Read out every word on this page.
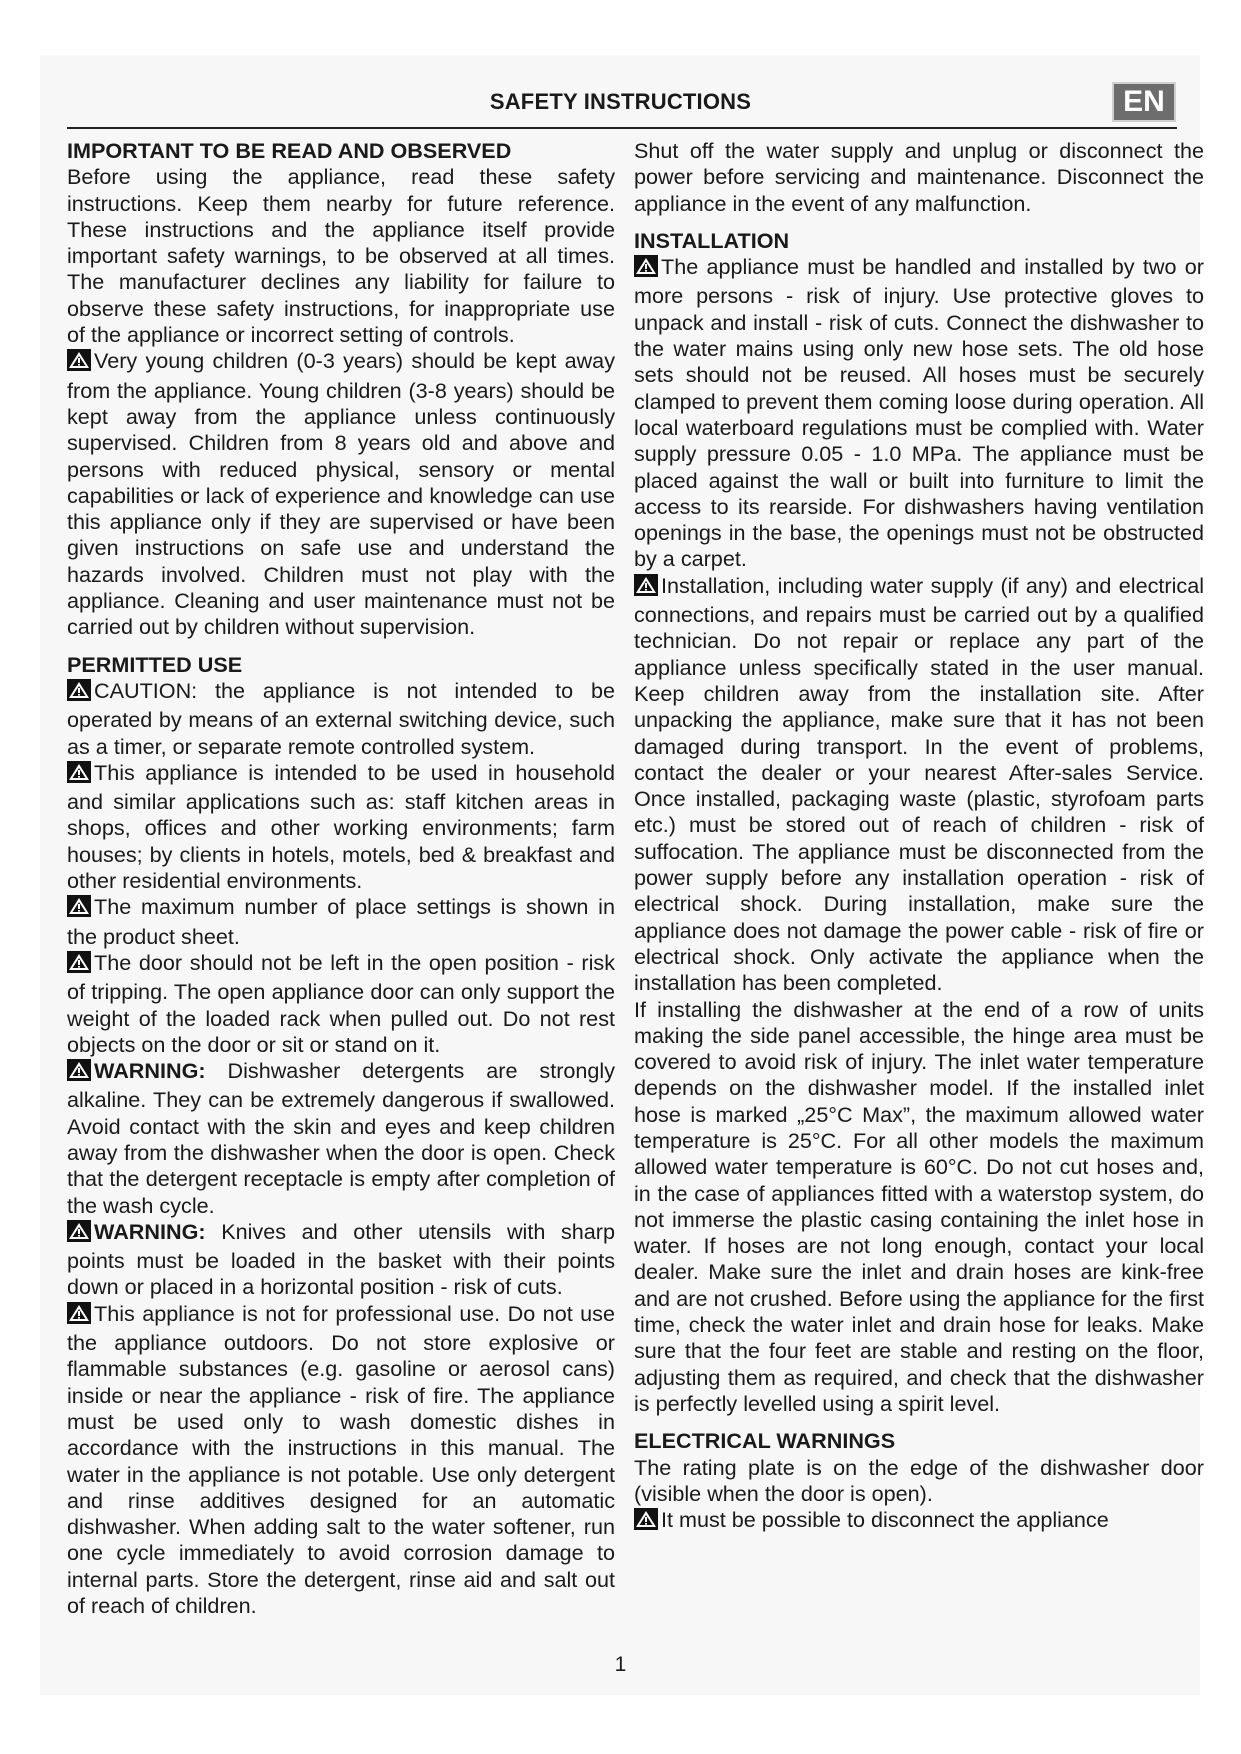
SAFETY INSTRUCTIONS	EN
IMPORTANT TO BE READ AND OBSERVED

Before using the appliance, read these safety instructions. Keep them nearby for future reference. These instructions and the appliance itself provide important safety warnings, to be observed at all times. The manufacturer declines any liability for failure to observe these safety instructions, for inappropriate use of the appliance or incorrect setting of controls.

Very young children (0-3 years) should be kept away from the appliance. Young children (3-8 years) should be kept away from the appliance unless continuously supervised. Children from 8 years old and above and persons with reduced physical, sensory or mental capabilities or lack of experience and knowledge can use this appliance only if they are supervised or have been given instructions on safe use and understand the hazards involved. Children must not play with the appliance. Cleaning and user maintenance must not be carried out by children without supervision.

PERMITTED USE

CAUTION: the appliance is not intended to be operated by means of an external switching device, such as a timer, or separate remote controlled system.

This appliance is intended to be used in household and similar applications such as: staff kitchen areas in shops, offices and other working environments; farm houses; by clients in hotels, motels, bed & breakfast and other residential environments.

The maximum number of place settings is shown in the product sheet.

The door should not be left in the open position - risk of tripping. The open appliance door can only support the weight of the loaded rack when pulled out. Do not rest objects on the door or sit or stand on it.

WARNING: Dishwasher detergents are strongly alkaline. They can be extremely dangerous if swallowed. Avoid contact with the skin and eyes and keep children away from the dishwasher when the door is open. Check that the detergent receptacle is empty after completion of the wash cycle.

WARNING: Knives and other utensils with sharp points must be loaded in the basket with their points down or placed in a horizontal position - risk of cuts.

This appliance is not for professional use. Do not use the appliance outdoors. Do not store explosive or flammable substances (e.g. gasoline or aerosol cans) inside or near the appliance - risk of fire. The appliance must be used only to wash domestic dishes in accordance with the instructions in this manual. The water in the appliance is not potable. Use only detergent and rinse additives designed for an automatic dishwasher. When adding salt to the water softener, run one cycle immediately to avoid corrosion damage to internal parts. Store the detergent, rinse aid and salt out of reach of children.

Shut off the water supply and unplug or disconnect the power before servicing and maintenance. Disconnect the appliance in the event of any malfunction.

INSTALLATION

The appliance must be handled and installed by two or more persons - risk of injury. Use protective gloves to unpack and install - risk of cuts. Connect the dishwasher to the water mains using only new hose sets. The old hose sets should not be reused. All hoses must be securely clamped to prevent them coming loose during operation. All local waterboard regulations must be complied with. Water supply pressure 0.05 - 1.0 MPa. The appliance must be placed against the wall or built into furniture to limit the access to its rearside. For dishwashers having ventilation openings in the base, the openings must not be obstructed by a carpet.

Installation, including water supply (if any) and electrical connections, and repairs must be carried out by a qualified technician. Do not repair or replace any part of the appliance unless specifically stated in the user manual. Keep children away from the installation site. After unpacking the appliance, make sure that it has not been damaged during transport. In the event of problems, contact the dealer or your nearest After-sales Service. Once installed, packaging waste (plastic, styrofoam parts etc.) must be stored out of reach of children - risk of suffocation. The appliance must be disconnected from the power supply before any installation operation - risk of electrical shock. During installation, make sure the appliance does not damage the power cable - risk of fire or electrical shock. Only activate the appliance when the installation has been completed.

If installing the dishwasher at the end of a row of units making the side panel accessible, the hinge area must be covered to avoid risk of injury. The inlet water temperature depends on the dishwasher model. If the installed inlet hose is marked „25°C Max”, the maximum allowed water temperature is 25°C. For all other models the maximum allowed water temperature is 60°C. Do not cut hoses and, in the case of appliances fitted with a waterstop system, do not immerse the plastic casing containing the inlet hose in water. If hoses are not long enough, contact your local dealer. Make sure the inlet and drain hoses are kink-free and are not crushed. Before using the appliance for the first time, check the water inlet and drain hose for leaks. Make sure that the four feet are stable and resting on the floor, adjusting them as required, and check that the dishwasher is perfectly levelled using a spirit level.

ELECTRICAL WARNINGS

The rating plate is on the edge of the dishwasher door (visible when the door is open).

It must be possible to disconnect the appliance

1
